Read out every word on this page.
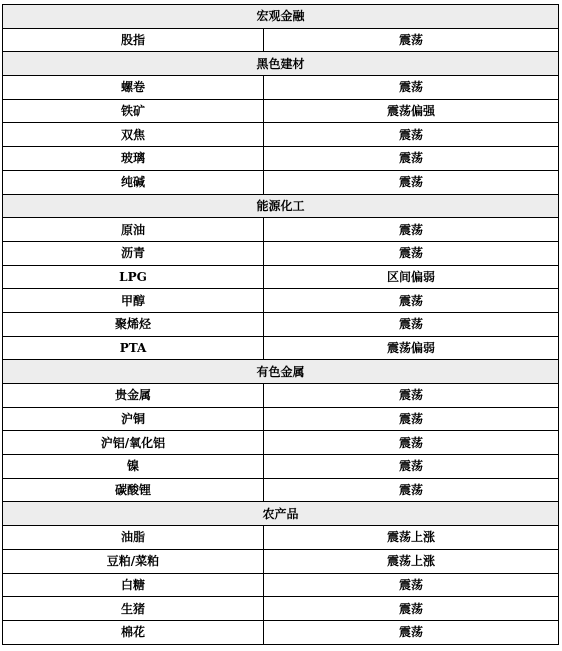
宏观金融	
股指	震荡
黑色建材	
螺卷	震荡
铁矿	震荡偏强
双焦	震荡
玻璃	震荡
纯碱	震荡
能源化工	
原油	震荡
沥青	震荡
LPG	区间偏弱
甲醇	震荡
聚烯烃	震荡
PTA	震荡偏弱
有色金属	
贵金属	震荡
沪铜	震荡
沪铝/氧化铝	震荡
镍	震荡
碳酸锂	震荡
农产品	
油脂	震荡上涨
豆粕/菜粕	震荡上涨
白糖	震荡
生猪	震荡
棉花	震荡
